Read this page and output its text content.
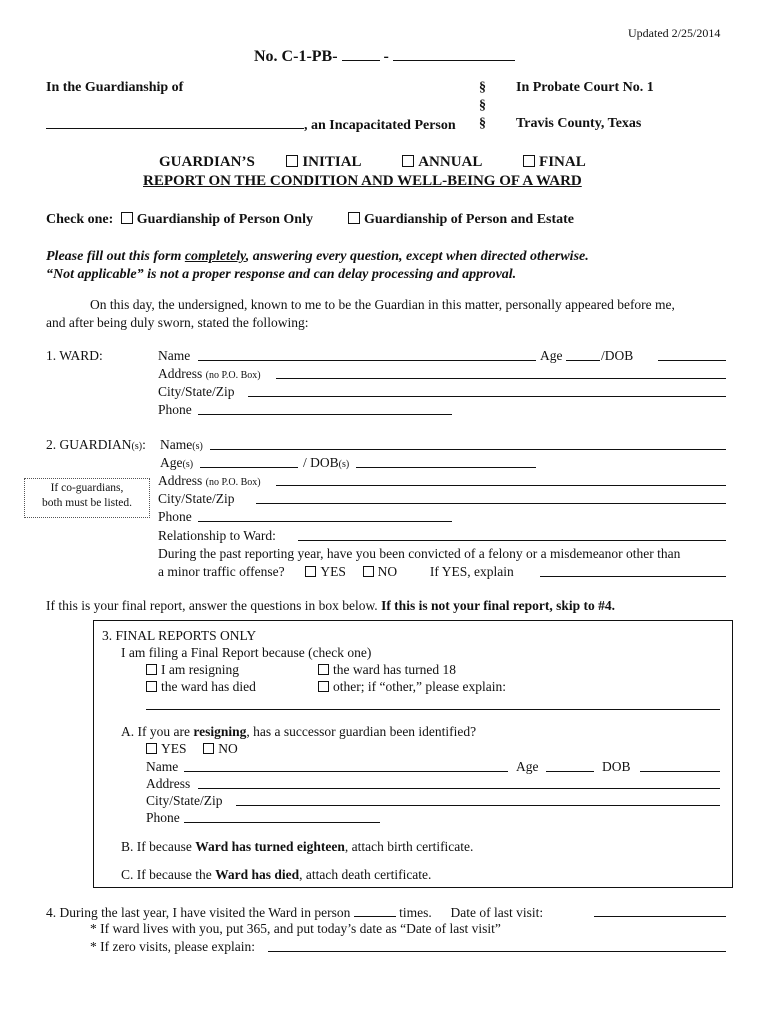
Updated 2/25/2014
No. C-1-PB-	-
In the Guardianship of	§
§
§
In Probate Court No. 1
Travis County, Texas
, an Incapacitated Person
GUARDIAN’S	INITIAL	ANNUAL	FINAL
REPORT ON THE CONDITION AND WELL-BEING OF A WARD
Check one: Guardianship of Person Only	Guardianship of Person and Estate
Please fill out this form completely, answering every question, except when directed otherwise.
“Not applicable” is not a proper response and can delay processing and approval.
On this day, the undersigned, known to me to be the Guardian in this matter, personally appeared before me,
and after being duly sworn, stated the following:
1. WARD:	Name	Age	/DOB
Address (no P.O. Box)
City/State/Zip
Phone
2. GUARDIAN(s): Name(s)
Age(s)	/ DOB(s)
If co-guardians,
both must be listed.
Address (no P.O. Box)
City/State/Zip
Phone
Relationship to Ward:
During the past reporting year, have you been convicted of a felony or a misdemeanor other than
a minor traffic offense?	YES NO If YES, explain
If this is your final report, answer the questions in box below. If this is not your final report, skip to #4.
3. FINAL REPORTS ONLY
I am filing a Final Report because (check one)
I am resigning	the ward has turned 18
the ward has died	other; if “other,” please explain:
A. If you are resigning, has a successor guardian been identified?
YES NO
Name	Age	DOB
Address
City/State/Zip
Phone
B. If because Ward has turned eighteen, attach birth certificate.
C. If because the Ward has died, attach death certificate.
4. During the last year, I have visited the Ward in person	times. Date of last visit:
* If ward lives with you, put 365, and put today’s date as “Date of last visit”
* If zero visits, please explain:
